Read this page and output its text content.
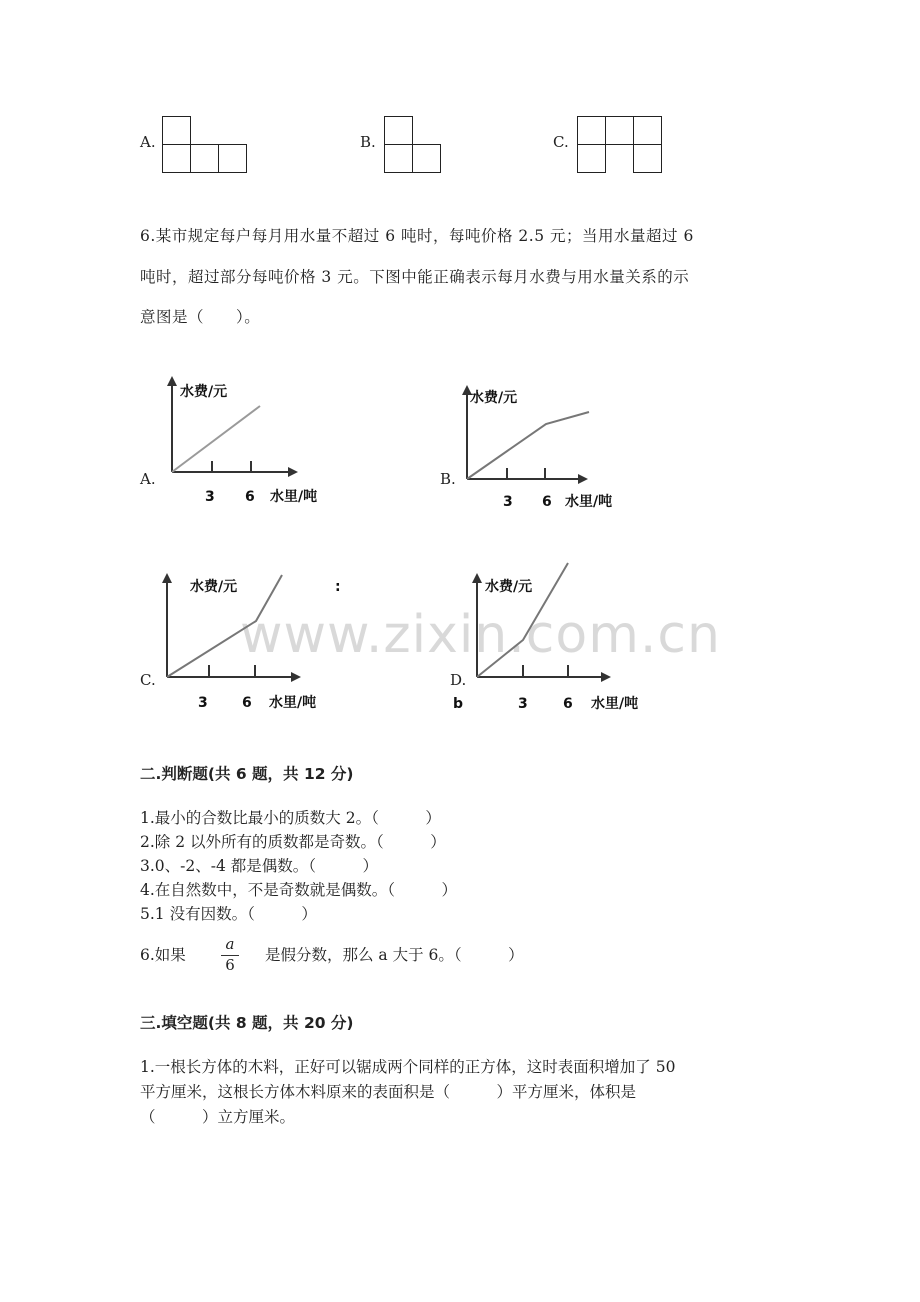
A.	B.	C.
6.某市规定每户每月用水量不超过 6 吨时，每吨价格 2.5 元；当用水量超过 6
吨时，超过部分每吨价格 3 元。下图中能正确表示每月水费与用水量关系的示
意图是（　　）。
www.zixin.com.cn
A.
水费/元
3 6 水里/吨
B.
水费/元
3 6 水里/吨
C.
水费/元	:
3 6 水里/吨
D.
水费/元
b	3	6 水里/吨
二.判断题(共 6 题，共 12 分)
1.最小的合数比最小的质数大 2。（　　　）
2.除 2 以外所有的质数都是奇数。（　　　）
3.0、-2、-4 都是偶数。（　　　）
4.在自然数中，不是奇数就是偶数。（　　　）
5.1 没有因数。（　　　）
6.如果
a
6
是假分数，那么 a 大于 6。（　　　）
三.填空题(共 8 题，共 20 分)
1.一根长方体的木料，正好可以锯成两个同样的正方体，这时表面积增加了 50
平方厘米，这根长方体木料原来的表面积是（　　　）平方厘米，体积是
（　　　）立方厘米。
